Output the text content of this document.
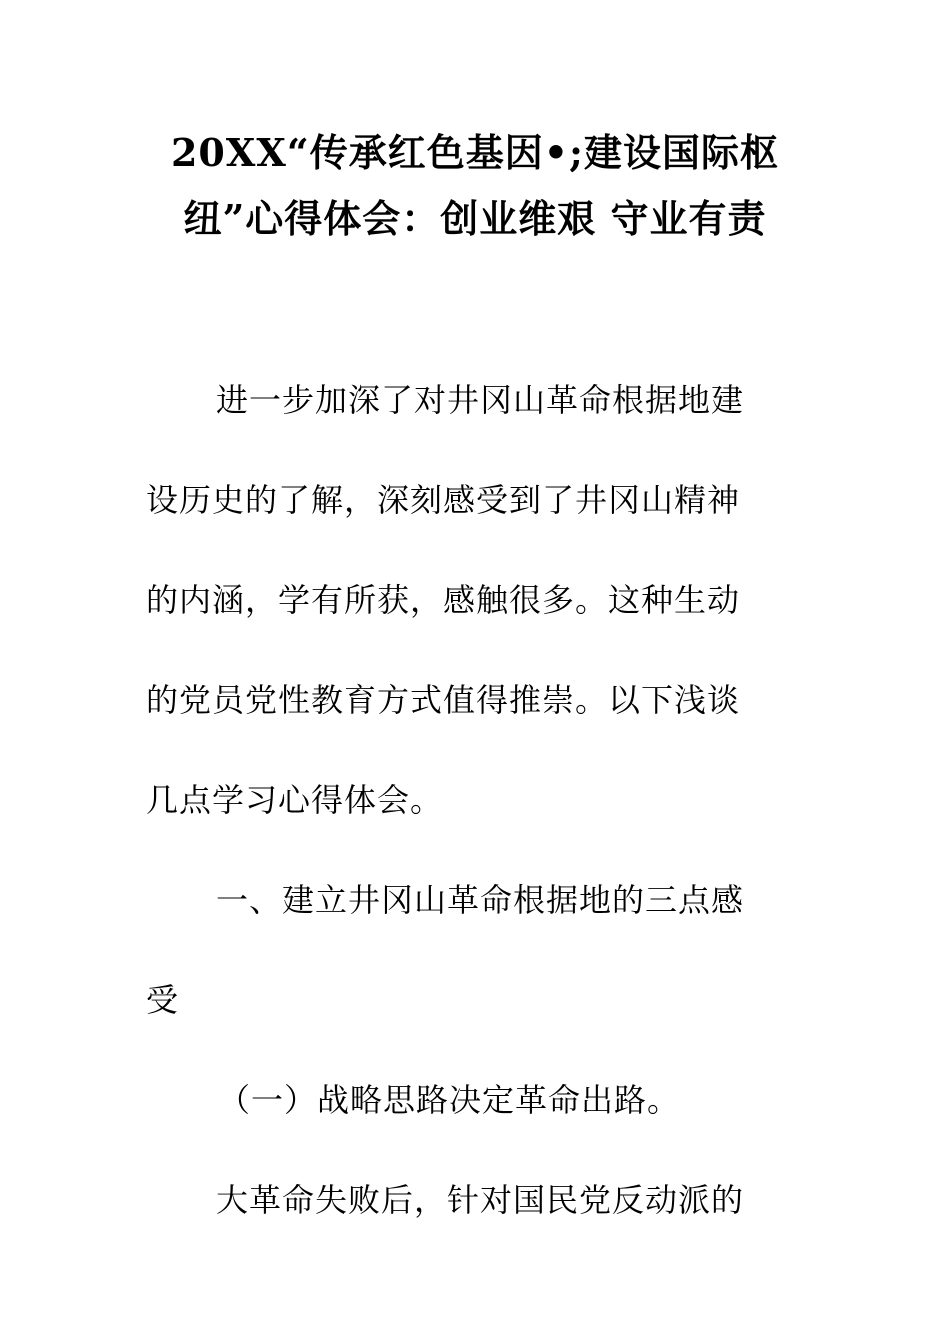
20XX“传承红色基因•;建设国际枢
纽”心得体会：创业维艰 守业有责
进一步加深了对井冈山革命根据地建
设历史的了解，深刻感受到了井冈山精神
的内涵，学有所获，感触很多。这种生动
的党员党性教育方式值得推崇。以下浅谈
几点学习心得体会。
一、建立井冈山革命根据地的三点感
受
（一）战略思路决定革命出路。
大革命失败后，针对国民党反动派的
